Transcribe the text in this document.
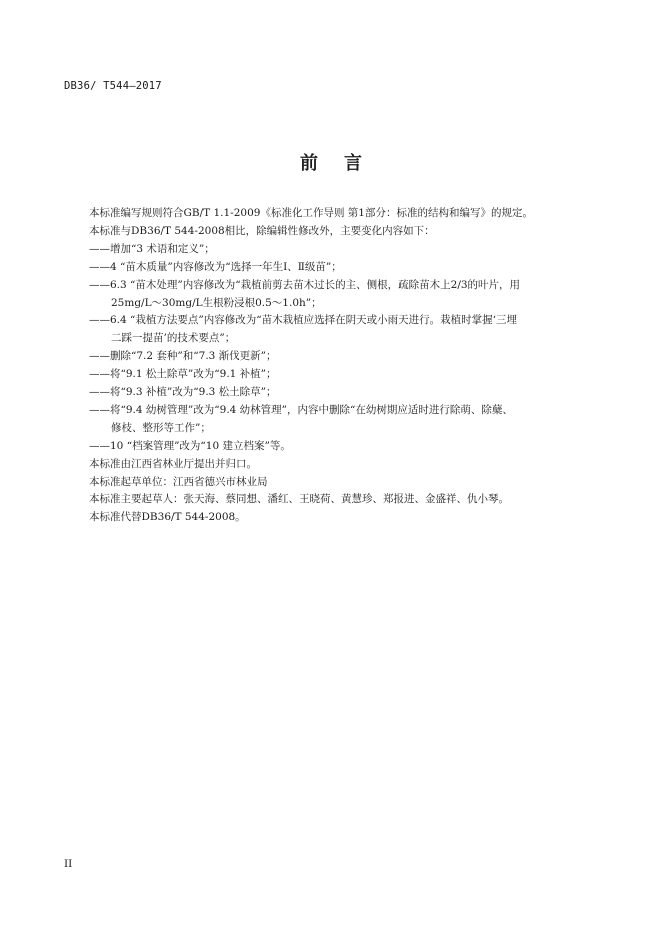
DB36/ T544—2017
前言
本标准编写规则符合GB/T 1.1-2009《标准化工作导则 第1部分：标准的结构和编写》的规定。
本标准与DB36/T 544-2008相比，除编辑性修改外，主要变化内容如下：
——增加“3 术语和定义”；
——4 “苗木质量”内容修改为“选择一年生Ⅰ、Ⅱ级苗”；
——6.3 “苗木处理”内容修改为“栽植前剪去苗木过长的主、侧根，疏除苗木上2/3的叶片，用
25mg/L～30mg/L生根粉浸根0.5～1.0h”；
——6.4 “栽植方法要点”内容修改为“苗木栽植应选择在阴天或小雨天进行。栽植时掌握‘三埋
二踩一提苗’的技术要点”；
——删除“7.2 套种”和“7.3 渐伐更新”；
——将“9.1 松土除草”改为“9.1 补植”；
——将“9.3 补植”改为“9.3 松土除草”；
——将“9.4 幼树管理”改为“9.4 幼林管理”，内容中删除“在幼树期应适时进行除萌、除蘖、
修枝、整形等工作”；
——10 “档案管理”改为“10 建立档案”等。
本标准由江西省林业厅提出并归口。
本标准起草单位：江西省德兴市林业局
本标准主要起草人：张天海、蔡同想、潘红、王晓荷、黄慧珍、郑报进、金盛祥、仇小琴。
本标准代替DB36/T 544-2008。
II
